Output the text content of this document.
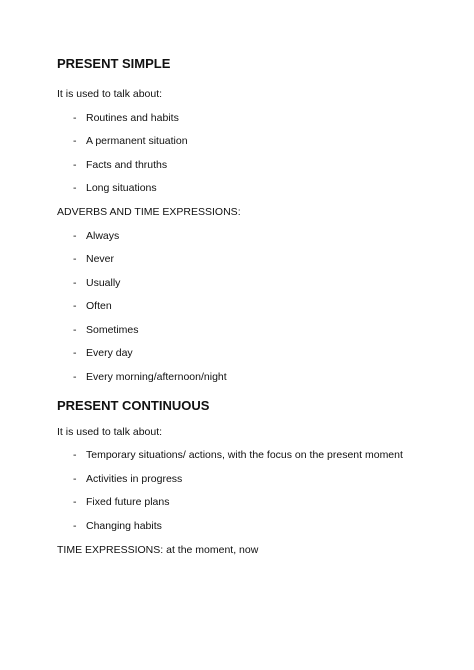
PRESENT SIMPLE

It is used to talk about:

- Routines and habits
- A permanent situation
- Facts and thruths
- Long situations

ADVERBS AND TIME EXPRESSIONS:

- Always
- Never
- Usually
- Often
- Sometimes
- Every day
- Every morning/afternoon/night
PRESENT CONTINUOUS

It is used to talk about:

- Temporary situations/ actions, with the focus on the present moment
- Activities in progress
- Fixed future plans
- Changing habits

TIME EXPRESSIONS: at the moment, now
